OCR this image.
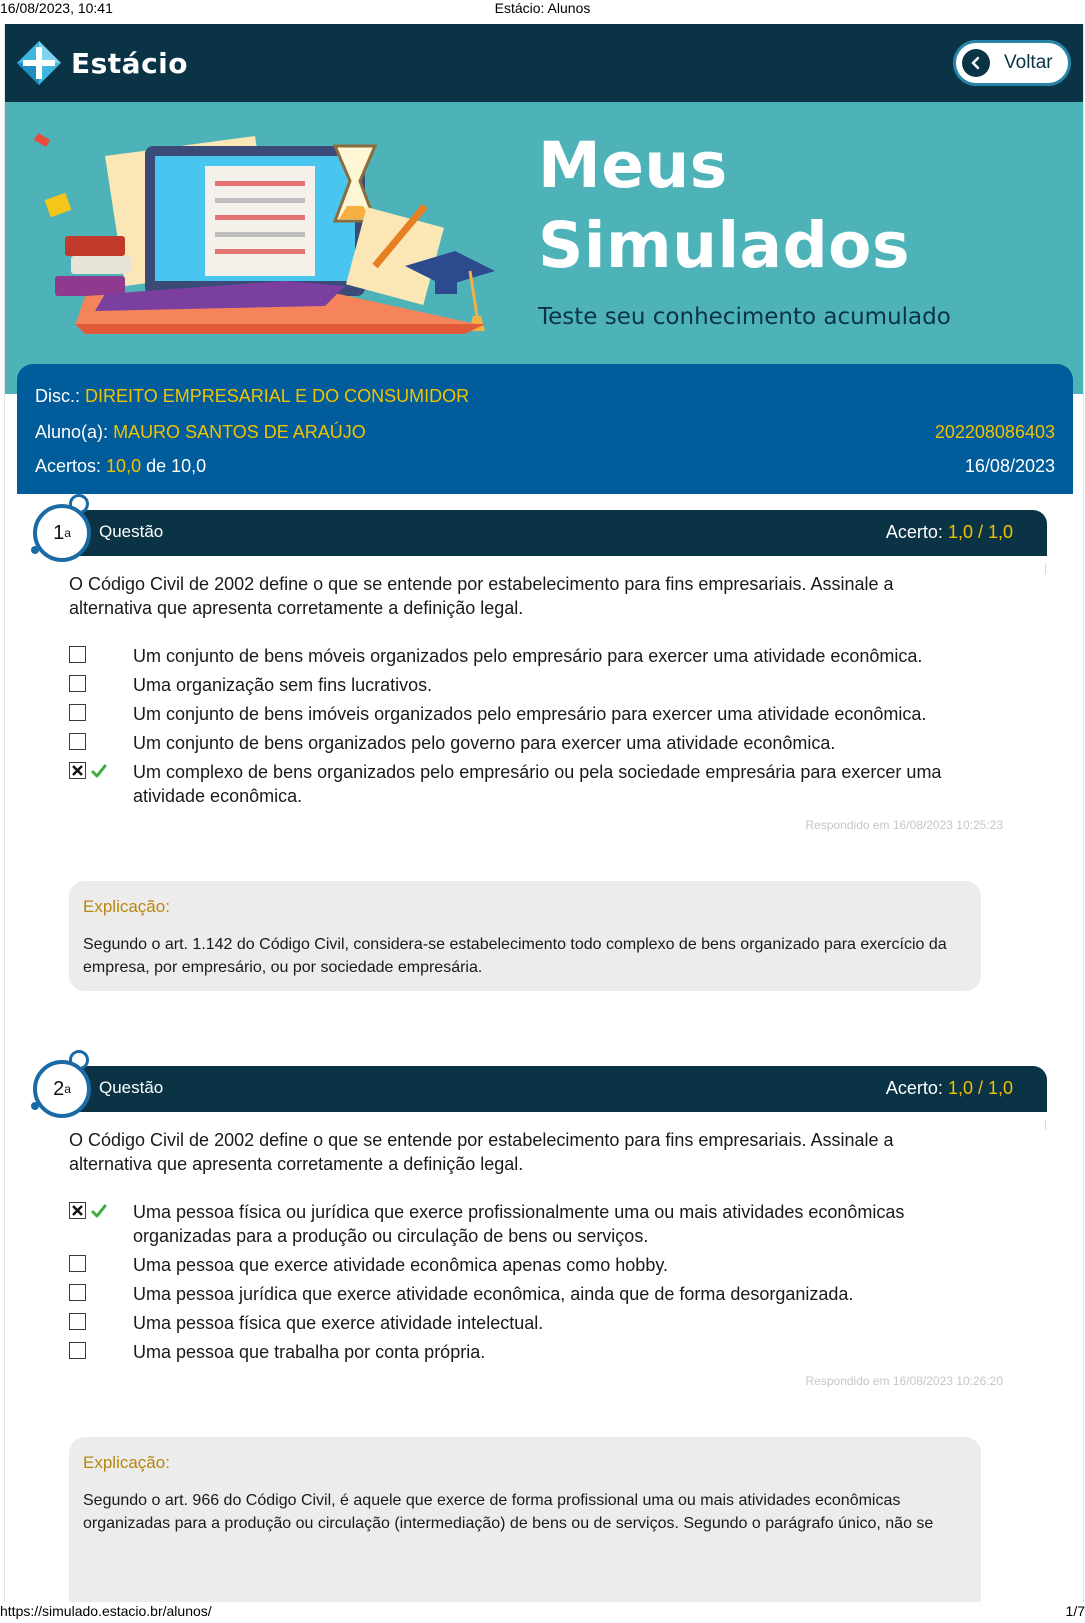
16/08/2023, 10:41	Estácio: Alunos
Estácio	Voltar
Meus
Simulados
Teste seu conhecimento acumulado
Disc.: DIREITO EMPRESARIAL E DO CONSUMIDOR
Aluno(a): MAURO SANTOS DE ARAÚJO	202208086403
Acertos: 10,0 de 10,0	16/08/2023
Questão	Acerto: 1,0 / 1,0
1 a
O Código Civil de 2002 define o que se entende por estabelecimento para fins empresariais. Assinale a alternativa que apresenta corretamente a definição legal.
Um conjunto de bens móveis organizados pelo empresário para exercer uma atividade econômica.
Uma organização sem fins lucrativos.
Um conjunto de bens imóveis organizados pelo empresário para exercer uma atividade econômica.
Um conjunto de bens organizados pelo governo para exercer uma atividade econômica.
Um complexo de bens organizados pelo empresário ou pela sociedade empresária para exercer uma atividade econômica.
Respondido em 16/08/2023 10:25:23
Explicação:
Segundo o art. 1.142 do Código Civil, considera-se estabelecimento todo complexo de bens organizado para exercício da empresa, por empresário, ou por sociedade empresária.
Questão	Acerto: 1,0 / 1,0
2 a
O Código Civil de 2002 define o que se entende por estabelecimento para fins empresariais. Assinale a alternativa que apresenta corretamente a definição legal.
Uma pessoa física ou jurídica que exerce profissionalmente uma ou mais atividades econômicas organizadas para a produção ou circulação de bens ou serviços.
Uma pessoa que exerce atividade econômica apenas como hobby.
Uma pessoa jurídica que exerce atividade econômica, ainda que de forma desorganizada.
Uma pessoa física que exerce atividade intelectual.
Uma pessoa que trabalha por conta própria.
Respondido em 16/08/2023 10:26:20
Explicação:
Segundo o art. 966 do Código Civil, é aquele que exerce de forma profissional uma ou mais atividades econômicas organizadas para a produção ou circulação (intermediação) de bens ou de serviços. Segundo o parágrafo único, não se
https://simulado.estacio.br/alunos/	1/7
